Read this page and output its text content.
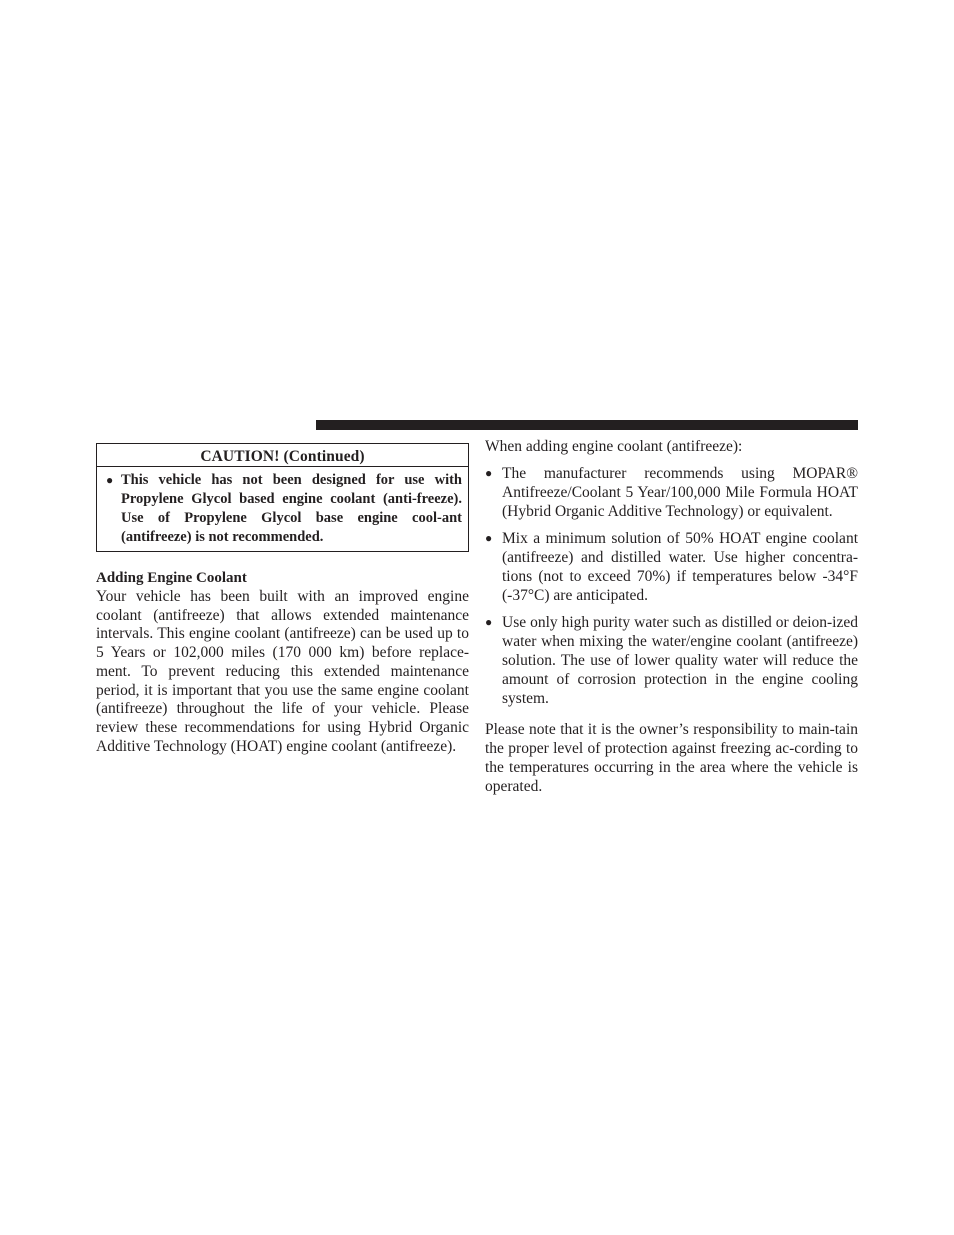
CAUTION! (Continued)
● This vehicle has not been designed for use with Propylene Glycol based engine coolant (anti-freeze). Use of Propylene Glycol base engine cool-ant (antifreeze) is not recommended.
Adding Engine Coolant
Your vehicle has been built with an improved engine coolant (antifreeze) that allows extended maintenance intervals. This engine coolant (antifreeze) can be used up to 5 Years or 102,000 miles (170 000 km) before replace-ment. To prevent reducing this extended maintenance period, it is important that you use the same engine coolant (antifreeze) throughout the life of your vehicle. Please review these recommendations for using Hybrid Organic Additive Technology (HOAT) engine coolant (antifreeze).
When adding engine coolant (antifreeze):
● The manufacturer recommends using MOPAR® Antifreeze/Coolant 5 Year/100,000 Mile Formula HOAT (Hybrid Organic Additive Technology) or equivalent.
● Mix a minimum solution of 50% HOAT engine coolant (antifreeze) and distilled water. Use higher concentra-tions (not to exceed 70%) if temperatures below -34°F (-37°C) are anticipated.
● Use only high purity water such as distilled or deion-ized water when mixing the water/engine coolant (antifreeze) solution. The use of lower quality water will reduce the amount of corrosion protection in the engine cooling system.
Please note that it is the owner’s responsibility to main-tain the proper level of protection against freezing ac-cording to the temperatures occurring in the area where the vehicle is operated.
